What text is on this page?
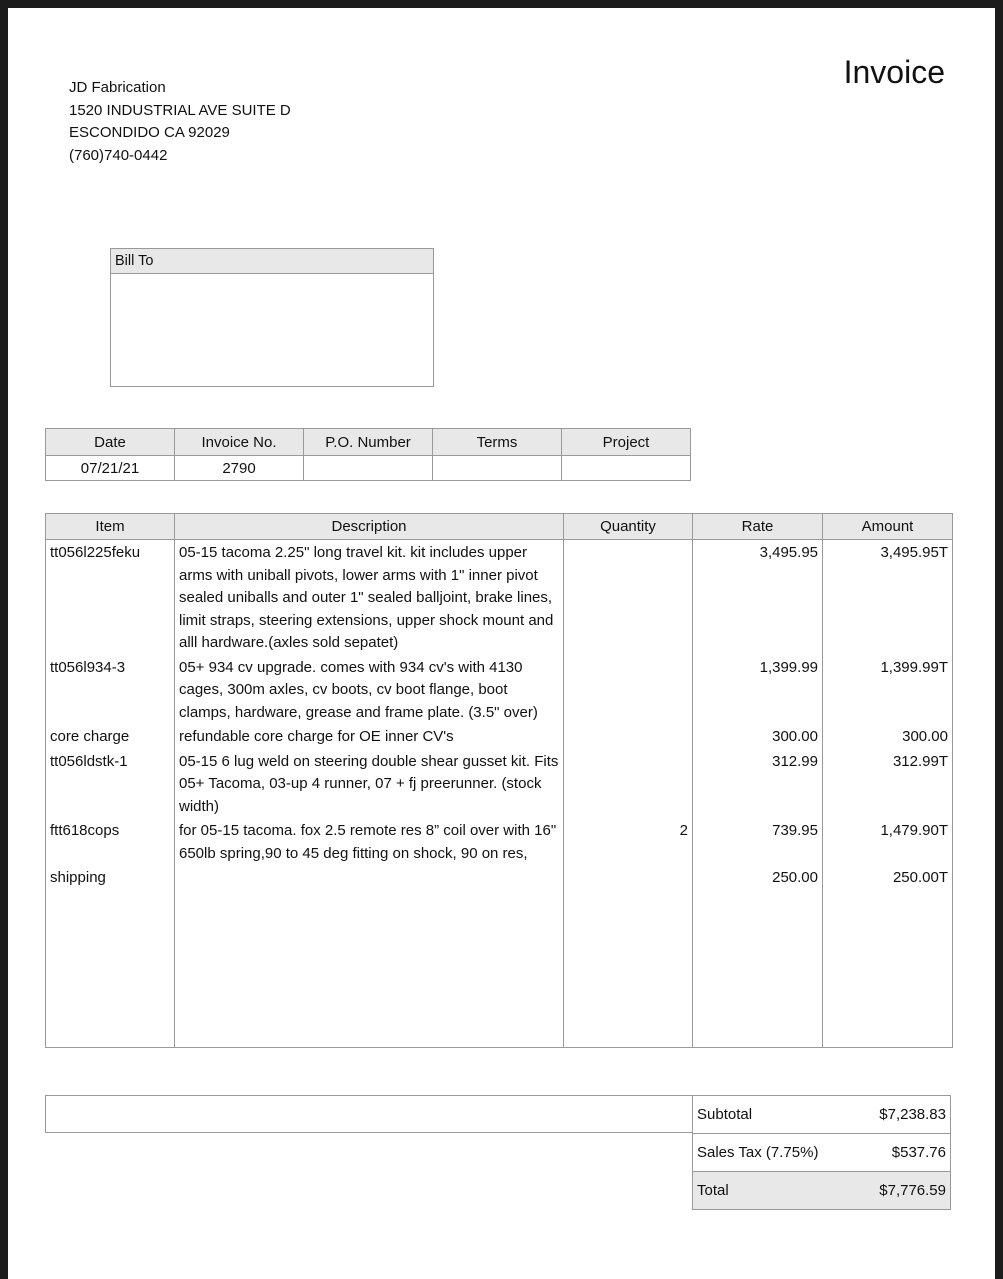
JD Fabrication
1520 INDUSTRIAL AVE SUITE D
ESCONDIDO CA 92029
(760)740-0442
Invoice
Bill To

Date	Invoice No.	P.O. Number	Terms	Project
07/21/21	2790			
Item	Description	Quantity	Rate	Amount
tt056l225feku	05-15 tacoma 2.25" long travel kit. kit includes upper arms with uniball pivots, lower arms with 1" inner pivot sealed uniballs and outer 1" sealed balljoint, brake lines, limit straps, steering extensions, upper shock mount and alll hardware.(axles sold sepatet)		3,495.95	3,495.95T
tt056l934-3	05+ 934 cv upgrade. comes with 934 cv's with 4130 cages, 300m axles, cv boots, cv boot flange, boot clamps, hardware, grease and frame plate. (3.5" over)		1,399.99	1,399.99T
core charge	refundable core charge for OE inner CV's		300.00	300.00
tt056ldstk-1	05-15 6 lug weld on steering double shear gusset kit. Fits 05+ Tacoma, 03-up 4 runner, 07 + fj preerunner. (stock width)		312.99	312.99T
ftt618cops	for 05-15 tacoma. fox 2.5 remote res 8” coil over with 16" 650lb spring,90 to 45 deg fitting on shock, 90 on res,	2	739.95	1,479.90T
shipping			250.00	250.00T

Subtotal	$7,238.83
Sales Tax (7.75%)	$537.76
Total	$7,776.59
